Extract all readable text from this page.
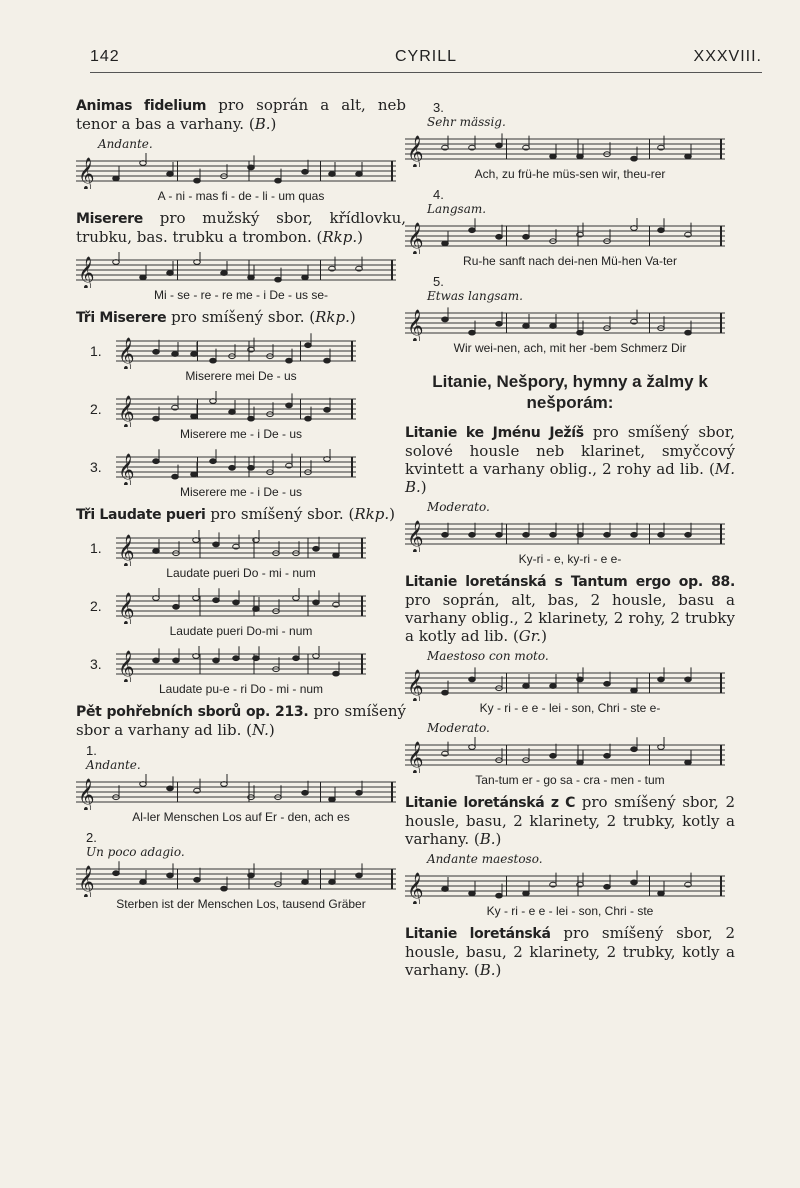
142	CYRILL	XXXVIII.

Animas fidelium pro soprán a alt, neb tenor a bas a varhany. (B.)

Andante.
𝄞
A - ni - mas fi - de - li - um quas

Miserere pro mužský sbor, křídlovku, trubku, bas. trubku a trombon. (Rkp.)

𝄞
Mi - se - re - re me - i De - us se-

Tři Miserere pro smíšený sbor. (Rkp.)

1. 𝄞
Miserere mei De - us
2. 𝄞
Miserere me - i De - us
3. 𝄞
Miserere me - i De - us

Tři Laudate pueri pro smíšený sbor. (Rkp.)

1. 𝄞
Laudate pueri Do - mi - num
2. 𝄞
Laudate pueri Do-mi - num
3. 𝄞
Laudate pu-e - ri Do - mi - num

Pět pohřebních sborů op. 213. pro smíšený sbor a varhany ad lib. (N.)

1.
Andante.
𝄞
Al-ler Menschen Los auf Er - den, ach es
2.
Un poco adagio.
𝄞
Sterben ist der Menschen Los, tausend Gräber
3.
Sehr mässig.
𝄞
Ach, zu frü-he müs-sen wir, theu-rer
4.
Langsam.
𝄞
Ru-he sanft nach dei-nen Mü-hen Va-ter
5.
Etwas langsam.
𝄞
Wir wei-nen, ach, mit her -bem Schmerz Dir
Litanie, Nešpory, hymny a žalmy k nešporám:

Litanie ke Jménu Ježíš pro smíšený sbor, solové housle neb klarinet, smyčcový kvintett a varhany oblig., 2 rohy ad lib. (M. B.)

Moderato.
𝄞
Ky-ri - e, ky-ri - e e-

Litanie loretánská s Tantum ergo op. 88. pro soprán, alt, bas, 2 housle, basu a varhany oblig., 2 klarinety, 2 rohy, 2 trubky a kotly ad lib. (Gr.)

Maestoso con moto.
𝄞
Ky - ri - e e - lei - son, Chri - ste e-
Moderato.
𝄞
Tan-tum er - go sa - cra - men - tum

Litanie loretánská z C pro smíšený sbor, 2 housle, basu, 2 klarinety, 2 trubky, kotly a varhany. (B.)

Andante maestoso.
𝄞
Ky - ri - e e - lei - son, Chri - ste

Litanie loretánská pro smíšený sbor, 2 housle, basu, 2 klarinety, 2 trubky, kotly a varhany. (B.)
